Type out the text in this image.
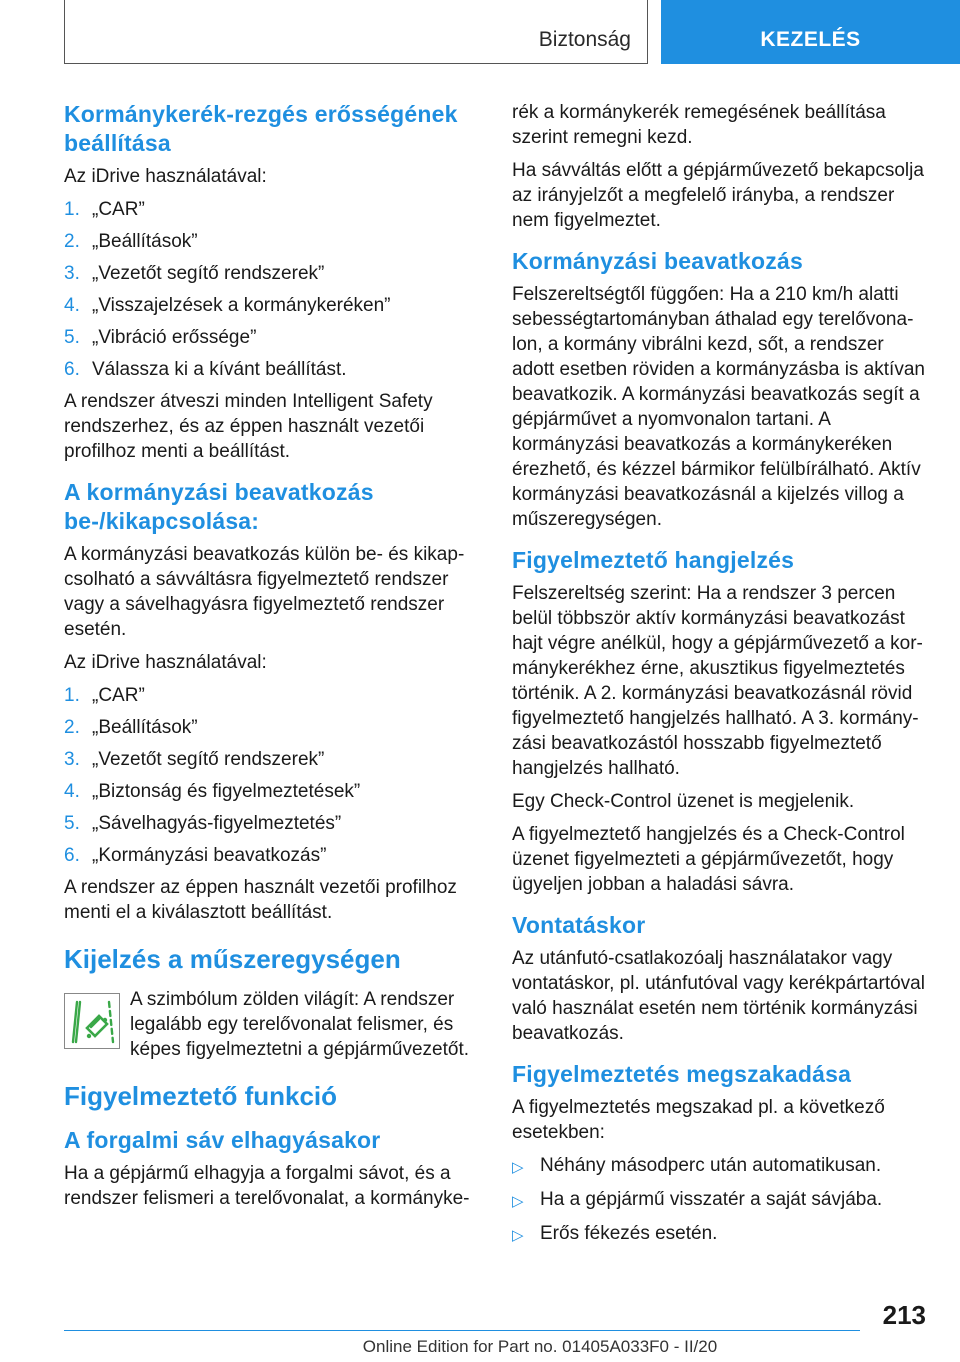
Biztonság	KEZELÉS
Kormánykerék-rezgés erősségének beállítása

Az iDrive használatával:

1. „CAR”
2. „Beállítások”
3. „Vezetőt segítő rendszerek”
4. „Visszajelzések a kormánykeréken”
5. „Vibráció erőssége”
6. Válassza ki a kívánt beállítást.

A rendszer átveszi minden Intelligent Safety rendszerhez, és az éppen használt vezetői profilhoz menti a beállítást.

A kormányzási beavatkozás be-/kikapcsolása:

A kormányzási beavatkozás külön be- és kikapcsolható a sávváltásra figyelmeztető rendszer vagy a sávelhagyásra figyelmeztető rendszer esetén.

Az iDrive használatával:

1. „CAR”
2. „Beállítások”
3. „Vezetőt segítő rendszerek”
4. „Biztonság és figyelmeztetések”
5. „Sávelhagyás-figyelmeztetés”
6. „Kormányzási beavatkozás”

A rendszer az éppen használt vezetői profilhoz menti el a kiválasztott beállítást.

Kijelzés a műszeregységen
A szimbólum zölden világít: A rendszer legalább egy terelővonalat felismer, és képes figyelmeztetni a gépjárművezetőt.
Figyelmeztető funkció
A forgalmi sáv elhagyásakor

Ha a gépjármű elhagyja a forgalmi sávot, és a rendszer felismeri a terelővonalat, a kormányke-

rék a kormánykerék remegésének beállítása szerint remegni kezd.

Ha sávváltás előtt a gépjárművezető bekapcsolja az irányjelzőt a megfelelő irányba, a rendszer nem figyelmeztet.

Kormányzási beavatkozás

Felszereltségtől függően: Ha a 210 km/h alatti sebességtartományban áthalad egy terelővonalon, a kormány vibrálni kezd, sőt, a rendszer adott esetben röviden a kormányzásba is aktívan beavatkozik. A kormányzási beavatkozás segít a gépjárművet a nyomvonalon tartani. A kormányzási beavatkozás a kormánykeréken érezhető, és kézzel bármikor felülbírálható. Aktív kormányzási beavatkozásnál a kijelzés villog a műszeregységen.

Figyelmeztető hangjelzés

Felszereltség szerint: Ha a rendszer 3 percen belül többször aktív kormányzási beavatkozást hajt végre anélkül, hogy a gépjárművezető a kormánykerékhez érne, akusztikus figyelmeztetés történik. A 2. kormányzási beavatkozásnál rövid figyelmeztető hangjelzés hallható. A 3. kormányzási beavatkozástól hosszabb figyelmeztető hangjelzés hallható.

Egy Check-Control üzenet is megjelenik.

A figyelmeztető hangjelzés és a Check-Control üzenet figyelmezteti a gépjárművezetőt, hogy ügyeljen jobban a haladási sávra.

Vontatáskor

Az utánfutó-csatlakozóalj használatakor vagy vontatáskor, pl. utánfutóval vagy kerékpártartóval való használat esetén nem történik kormányzási beavatkozás.

Figyelmeztetés megszakadása

A figyelmeztetés megszakad pl. a következő esetekben:

▷ Néhány másodperc után automatikusan.
▷ Ha a gépjármű visszatér a saját sávjába.
▷ Erős fékezés esetén.
213
Online Edition for Part no. 01405A033F0 - II/20
